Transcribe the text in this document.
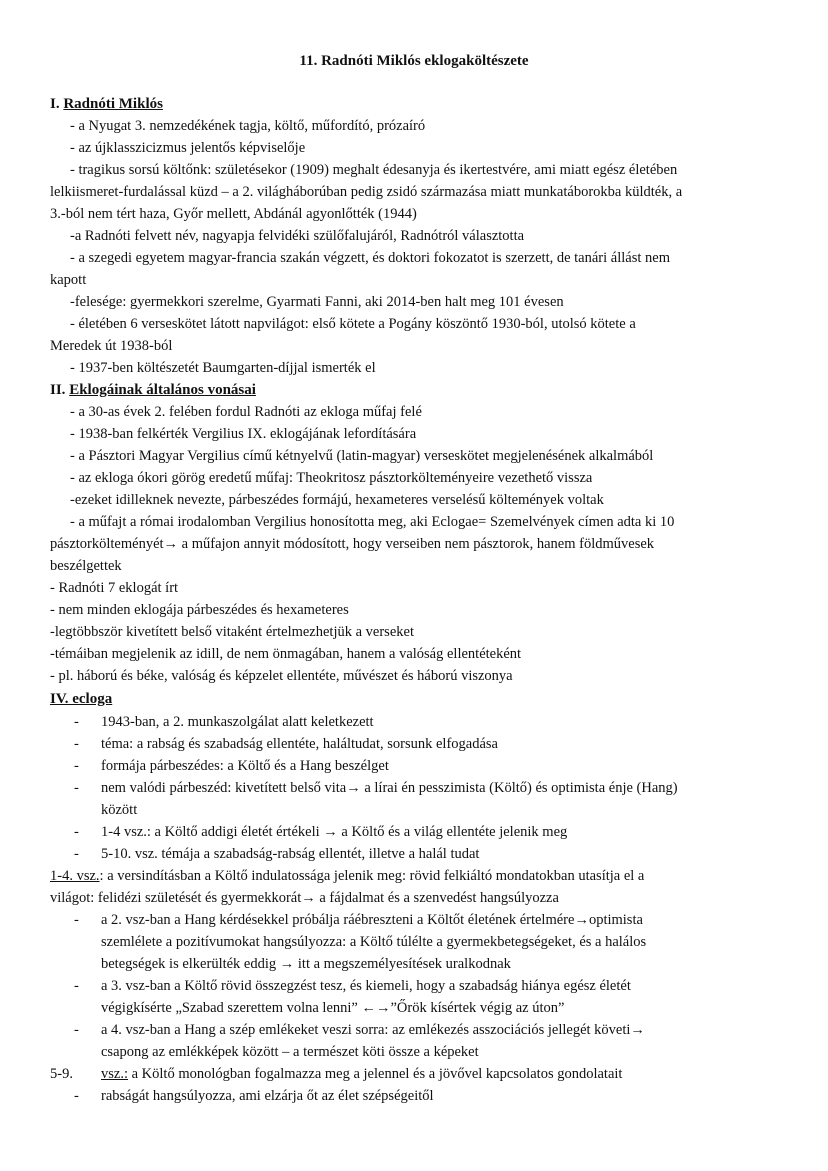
11. Radnóti Miklós eklogaköltészete
I. Radnóti Miklós
- a Nyugat 3. nemzedékének tagja, költő, műfordító, prózaíró
- az újklasszicizmus jelentős képviselője
- tragikus sorsú költőnk: születésekor (1909) meghalt édesanyja és ikertestvére, ami miatt egész életében
lelkiismeret-furdalással küzd – a 2. világháborúban pedig zsidó származása miatt munkatáborokba küldték, a
3.-ból nem tért haza, Győr mellett, Abdánál agyonlőtték (1944)
-a Radnóti felvett név, nagyapja felvidéki szülőfalujáról, Radnótról választotta
- a szegedi egyetem magyar-francia szakán végzett, és doktori fokozatot is szerzett, de tanári állást nem
kapott
-felesége: gyermekkori szerelme, Gyarmati Fanni, aki 2014-ben halt meg 101 évesen
- életében 6 verseskötet látott napvilágot: első kötete a Pogány köszöntő 1930-ból, utolsó kötete a
Meredek út 1938-ból
- 1937-ben költészetét Baumgarten-díjjal ismerték el
II. Eklogáinak általános vonásai
- a 30-as évek 2. felében fordul Radnóti az ekloga műfaj felé
- 1938-ban felkérték Vergilius IX. eklogájának lefordítására
- a Pásztori Magyar Vergilius című kétnyelvű (latin-magyar) verseskötet megjelenésének alkalmából
- az ekloga ókori görög eredetű műfaj: Theokritosz pásztorkölteményeire vezethető vissza
-ezeket idilleknek nevezte, párbeszédes formájú, hexameteres verselésű költemények voltak
- a műfajt a római irodalomban Vergilius honosította meg, aki Eclogae= Szemelvények címen adta ki 10
pásztorkölteményét→ a műfajon annyit módosított, hogy verseiben nem pásztorok, hanem földművesek
beszélgettek
- Radnóti 7 eklogát írt
- nem minden eklogája párbeszédes és hexameteres
-legtöbbször kivetített belső vitaként értelmezhetjük a verseket
-témáiban megjelenik az idill, de nem önmagában, hanem a valóság ellentéteként
- pl. háború és béke, valóság és képzelet ellentéte, művészet és háború viszonya
IV. ecloga
- 1943-ban, a 2. munkaszolgálat alatt keletkezett
- téma: a rabság és szabadság ellentéte, haláltudat, sorsunk elfogadása
- formája párbeszédes: a Költő és a Hang beszélget
- nem valódi párbeszéd: kivetített belső vita→ a lírai én pesszimista (Költő) és optimista énje (Hang)
között
- 1-4 vsz.: a Költő addigi életét értékeli → a Költő és a világ ellentéte jelenik meg
- 5-10. vsz. témája a szabadság-rabság ellentét, illetve a halál tudat
1-4. vsz.: a versindításban a Költő indulatossága jelenik meg: rövid felkiáltó mondatokban utasítja el a
világot: felidézi születését és gyermekkorát→ a fájdalmat és a szenvedést hangsúlyozza
- a 2. vsz-ban a Hang kérdésekkel próbálja ráébreszteni a Költőt életének értelmére→optimista
szemlélete a pozitívumokat hangsúlyozza: a Költő túlélte a gyermekbetegségeket, és a halálos
betegségek is elkerülték eddig → itt a megszemélyesítések uralkodnak
- a 3. vsz-ban a Költő rövid összegzést tesz, és kiemeli, hogy a szabadság hiánya egész életét
végigkísérte „Szabad szerettem volna lenni” ←→”Őrök kísértek végig az úton”
- a 4. vsz-ban a Hang a szép emlékeket veszi sorra: az emlékezés asszociációs jellegét követi→
csapong az emlékképek között – a természet köti össze a képeket
5-9.	vsz.: a Költő monológban fogalmazza meg a jelennel és a jövővel kapcsolatos gondolatait
- rabságát hangsúlyozza, ami elzárja őt az élet szépségeitől
